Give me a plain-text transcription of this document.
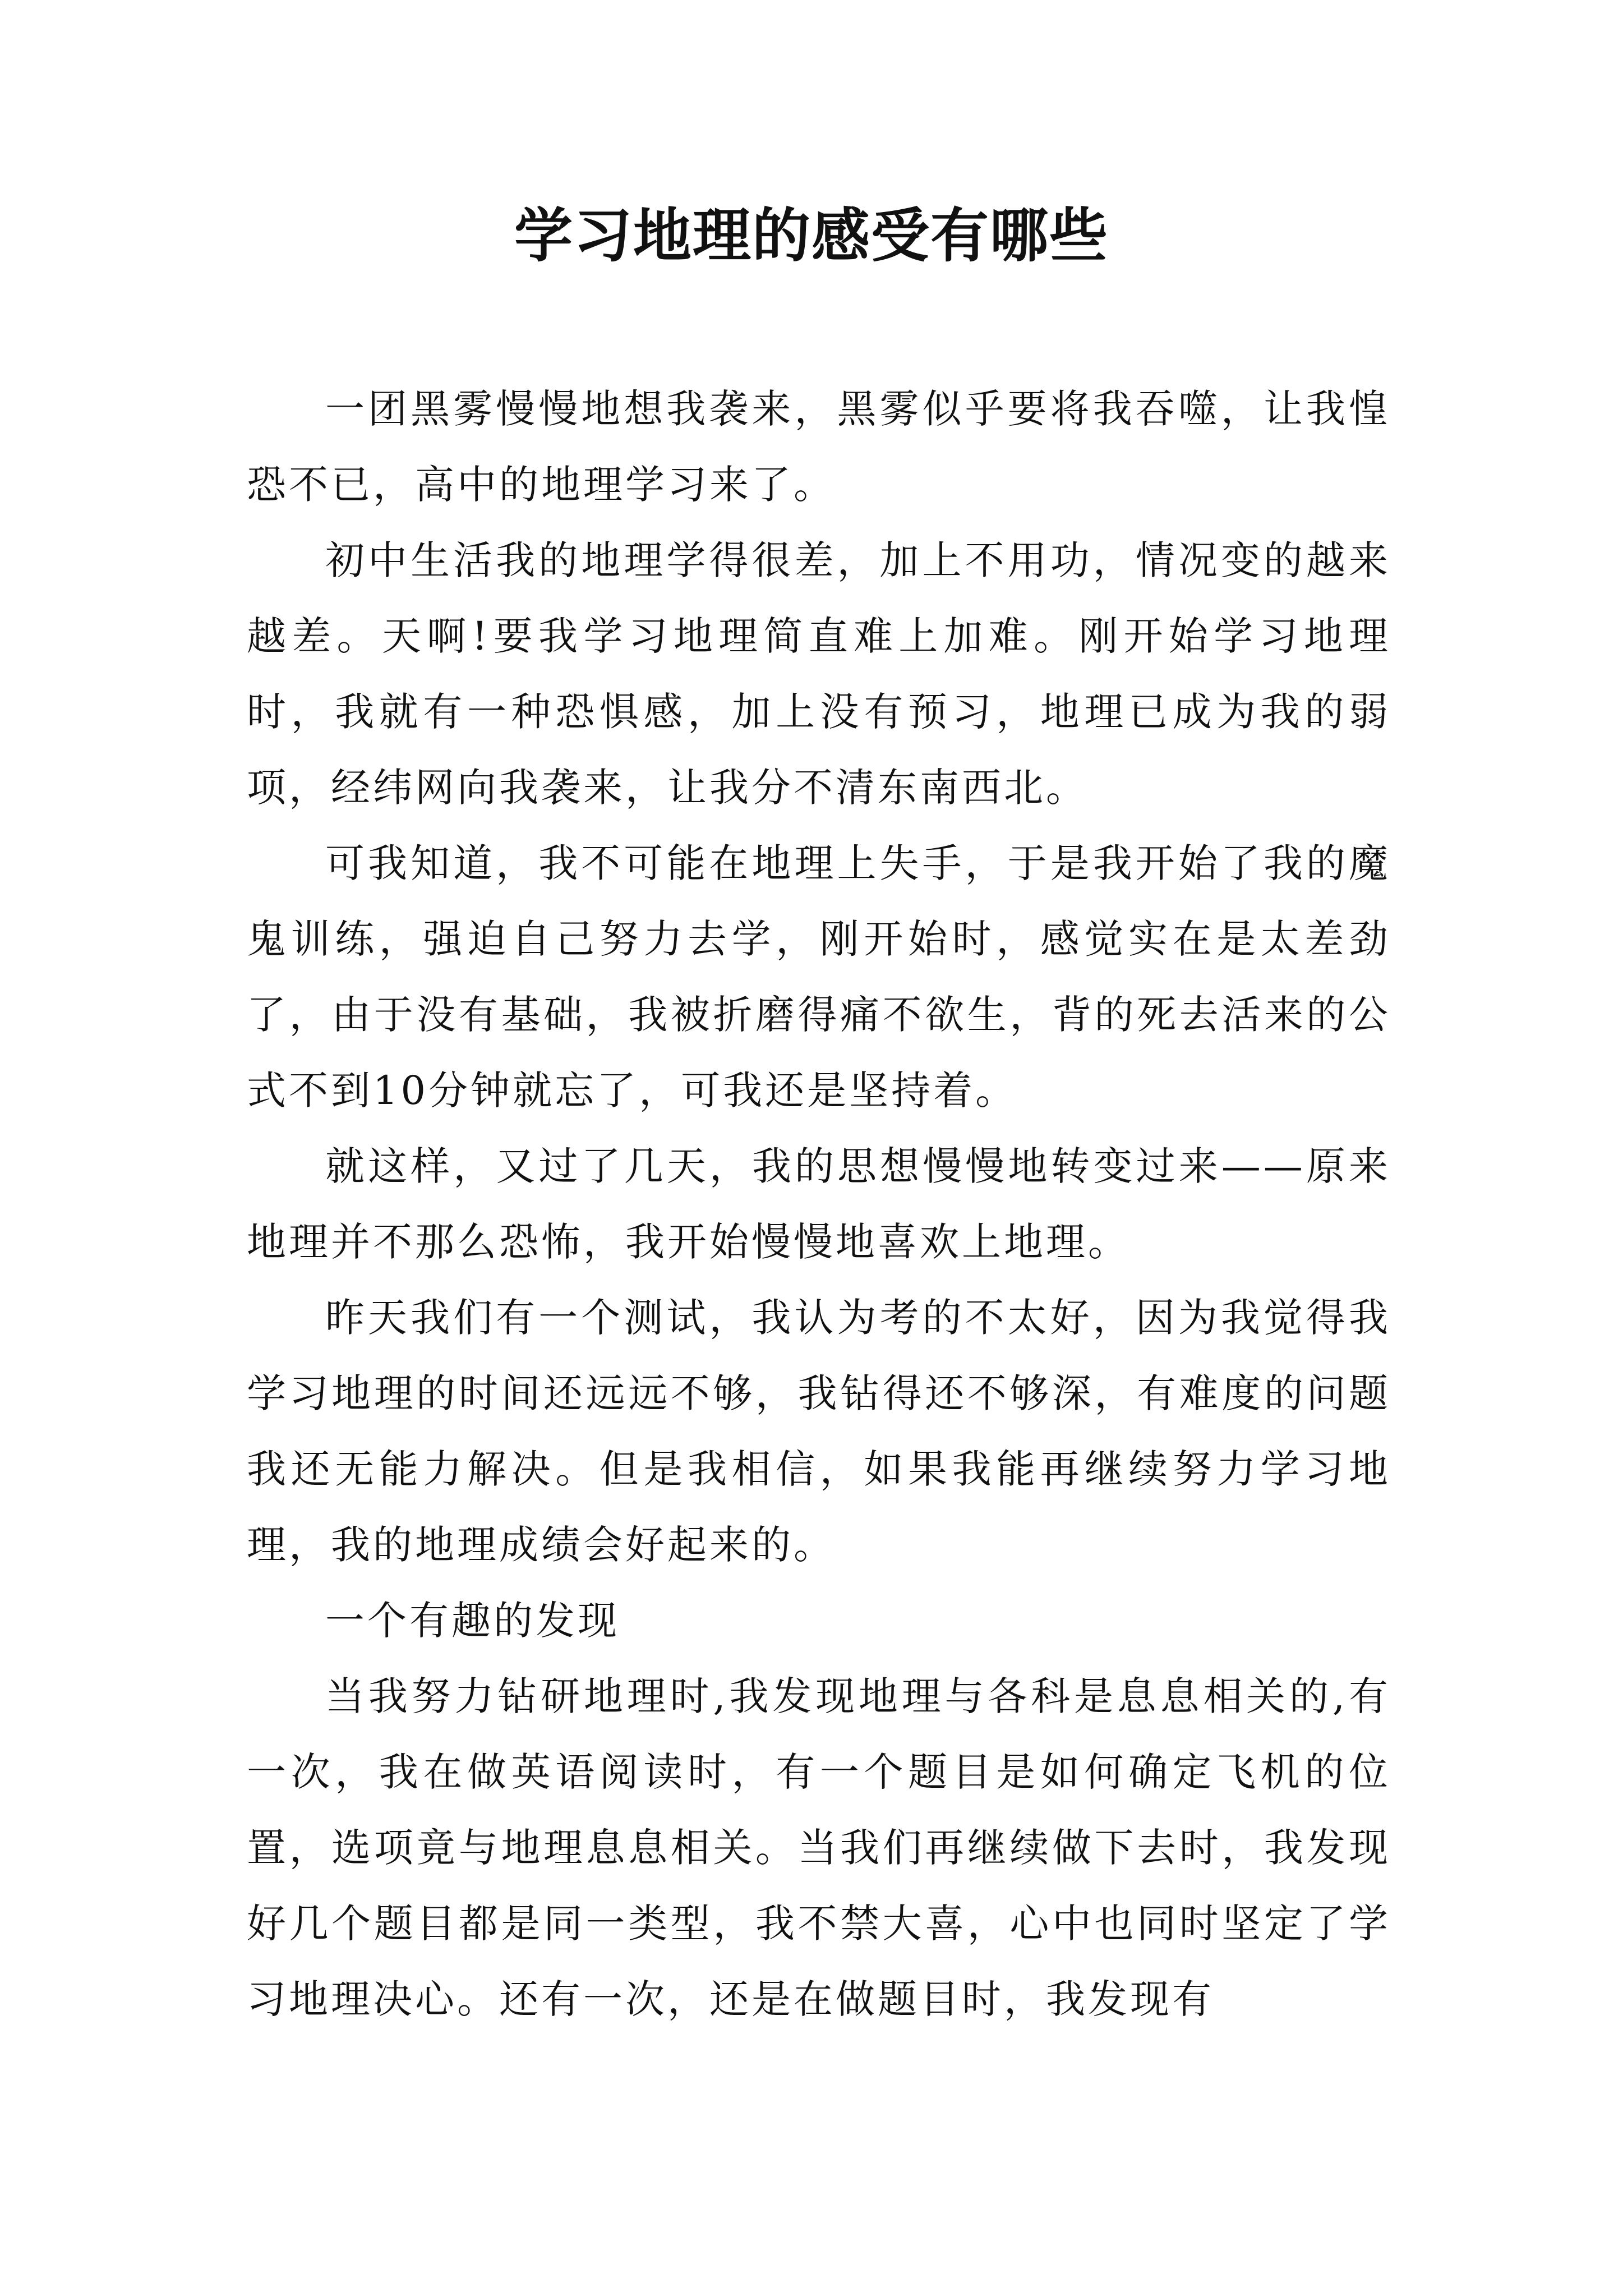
学习地理的感受有哪些

一团黑雾慢慢地想我袭来，黑雾似乎要将我吞噬，让我惶恐不已，高中的地理学习来了。

初中生活我的地理学得很差，加上不用功，情况变的越来越差。天啊!要我学习地理简直难上加难。刚开始学习地理时，我就有一种恐惧感，加上没有预习，地理已成为我的弱项，经纬网向我袭来，让我分不清东南西北。

可我知道，我不可能在地理上失手，于是我开始了我的魔鬼训练，强迫自己努力去学，刚开始时，感觉实在是太差劲了，由于没有基础，我被折磨得痛不欲生，背的死去活来的公式不到10分钟就忘了，可我还是坚持着。

就这样，又过了几天，我的思想慢慢地转变过来——原来地理并不那么恐怖，我开始慢慢地喜欢上地理。

昨天我们有一个测试，我认为考的不太好，因为我觉得我学习地理的时间还远远不够，我钻得还不够深，有难度的问题我还无能力解决。但是我相信，如果我能再继续努力学习地理，我的地理成绩会好起来的。

一个有趣的发现

当我努力钻研地理时,我发现地理与各科是息息相关的,有一次，我在做英语阅读时，有一个题目是如何确定飞机的位置，选项竟与地理息息相关。当我们再继续做下去时，我发现好几个题目都是同一类型，我不禁大喜，心中也同时坚定了学习地理决心。还有一次，还是在做题目时，我发现有
